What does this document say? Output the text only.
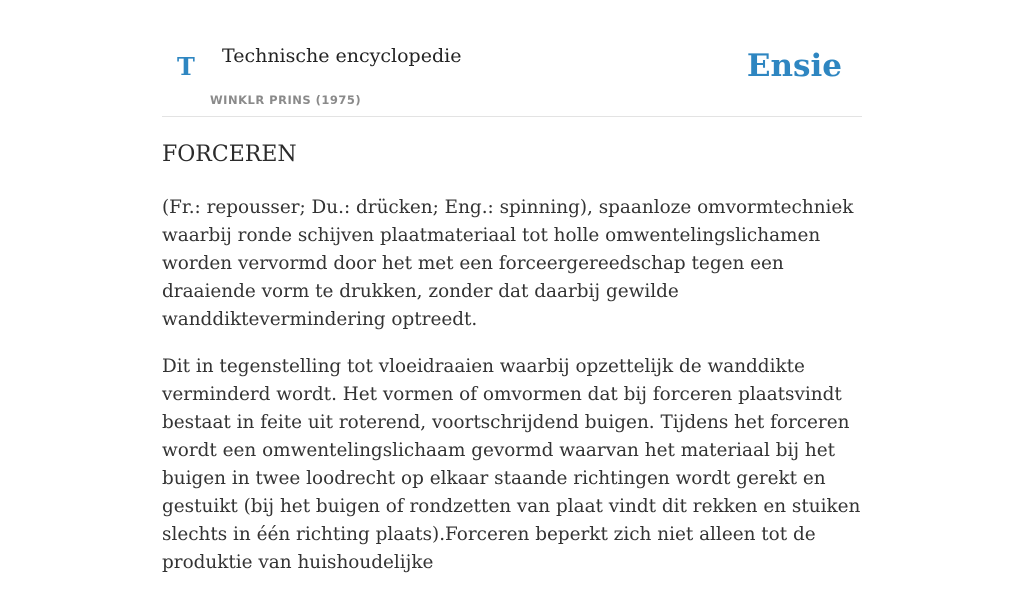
T Technische encyclopedie
WINKLR PRINS (1975)
Ensie
FORCEREN

(Fr.: repousser; Du.: drücken; Eng.: spinning), spaanloze omvormtechniek waarbij ronde schijven plaatmateriaal tot holle omwentelingslichamen worden vervormd door het met een forceergereedschap tegen een draaiende vorm te drukken, zonder dat daarbij gewilde wanddiktevermindering optreedt.

Dit in tegenstelling tot vloeidraaien waarbij opzettelijk de wanddikte verminderd wordt. Het vormen of omvormen dat bij forceren plaatsvindt bestaat in feite uit roterend, voortschrijdend buigen. Tijdens het forceren wordt een omwentelingslichaam gevormd waarvan het materiaal bij het buigen in twee loodrecht op elkaar staande richtingen wordt gerekt en gestuikt (bij het buigen of rondzetten van plaat vindt dit rekken en stuiken slechts in één richting plaats).Forceren beperkt zich niet alleen tot de produktie van huishoudelijke
